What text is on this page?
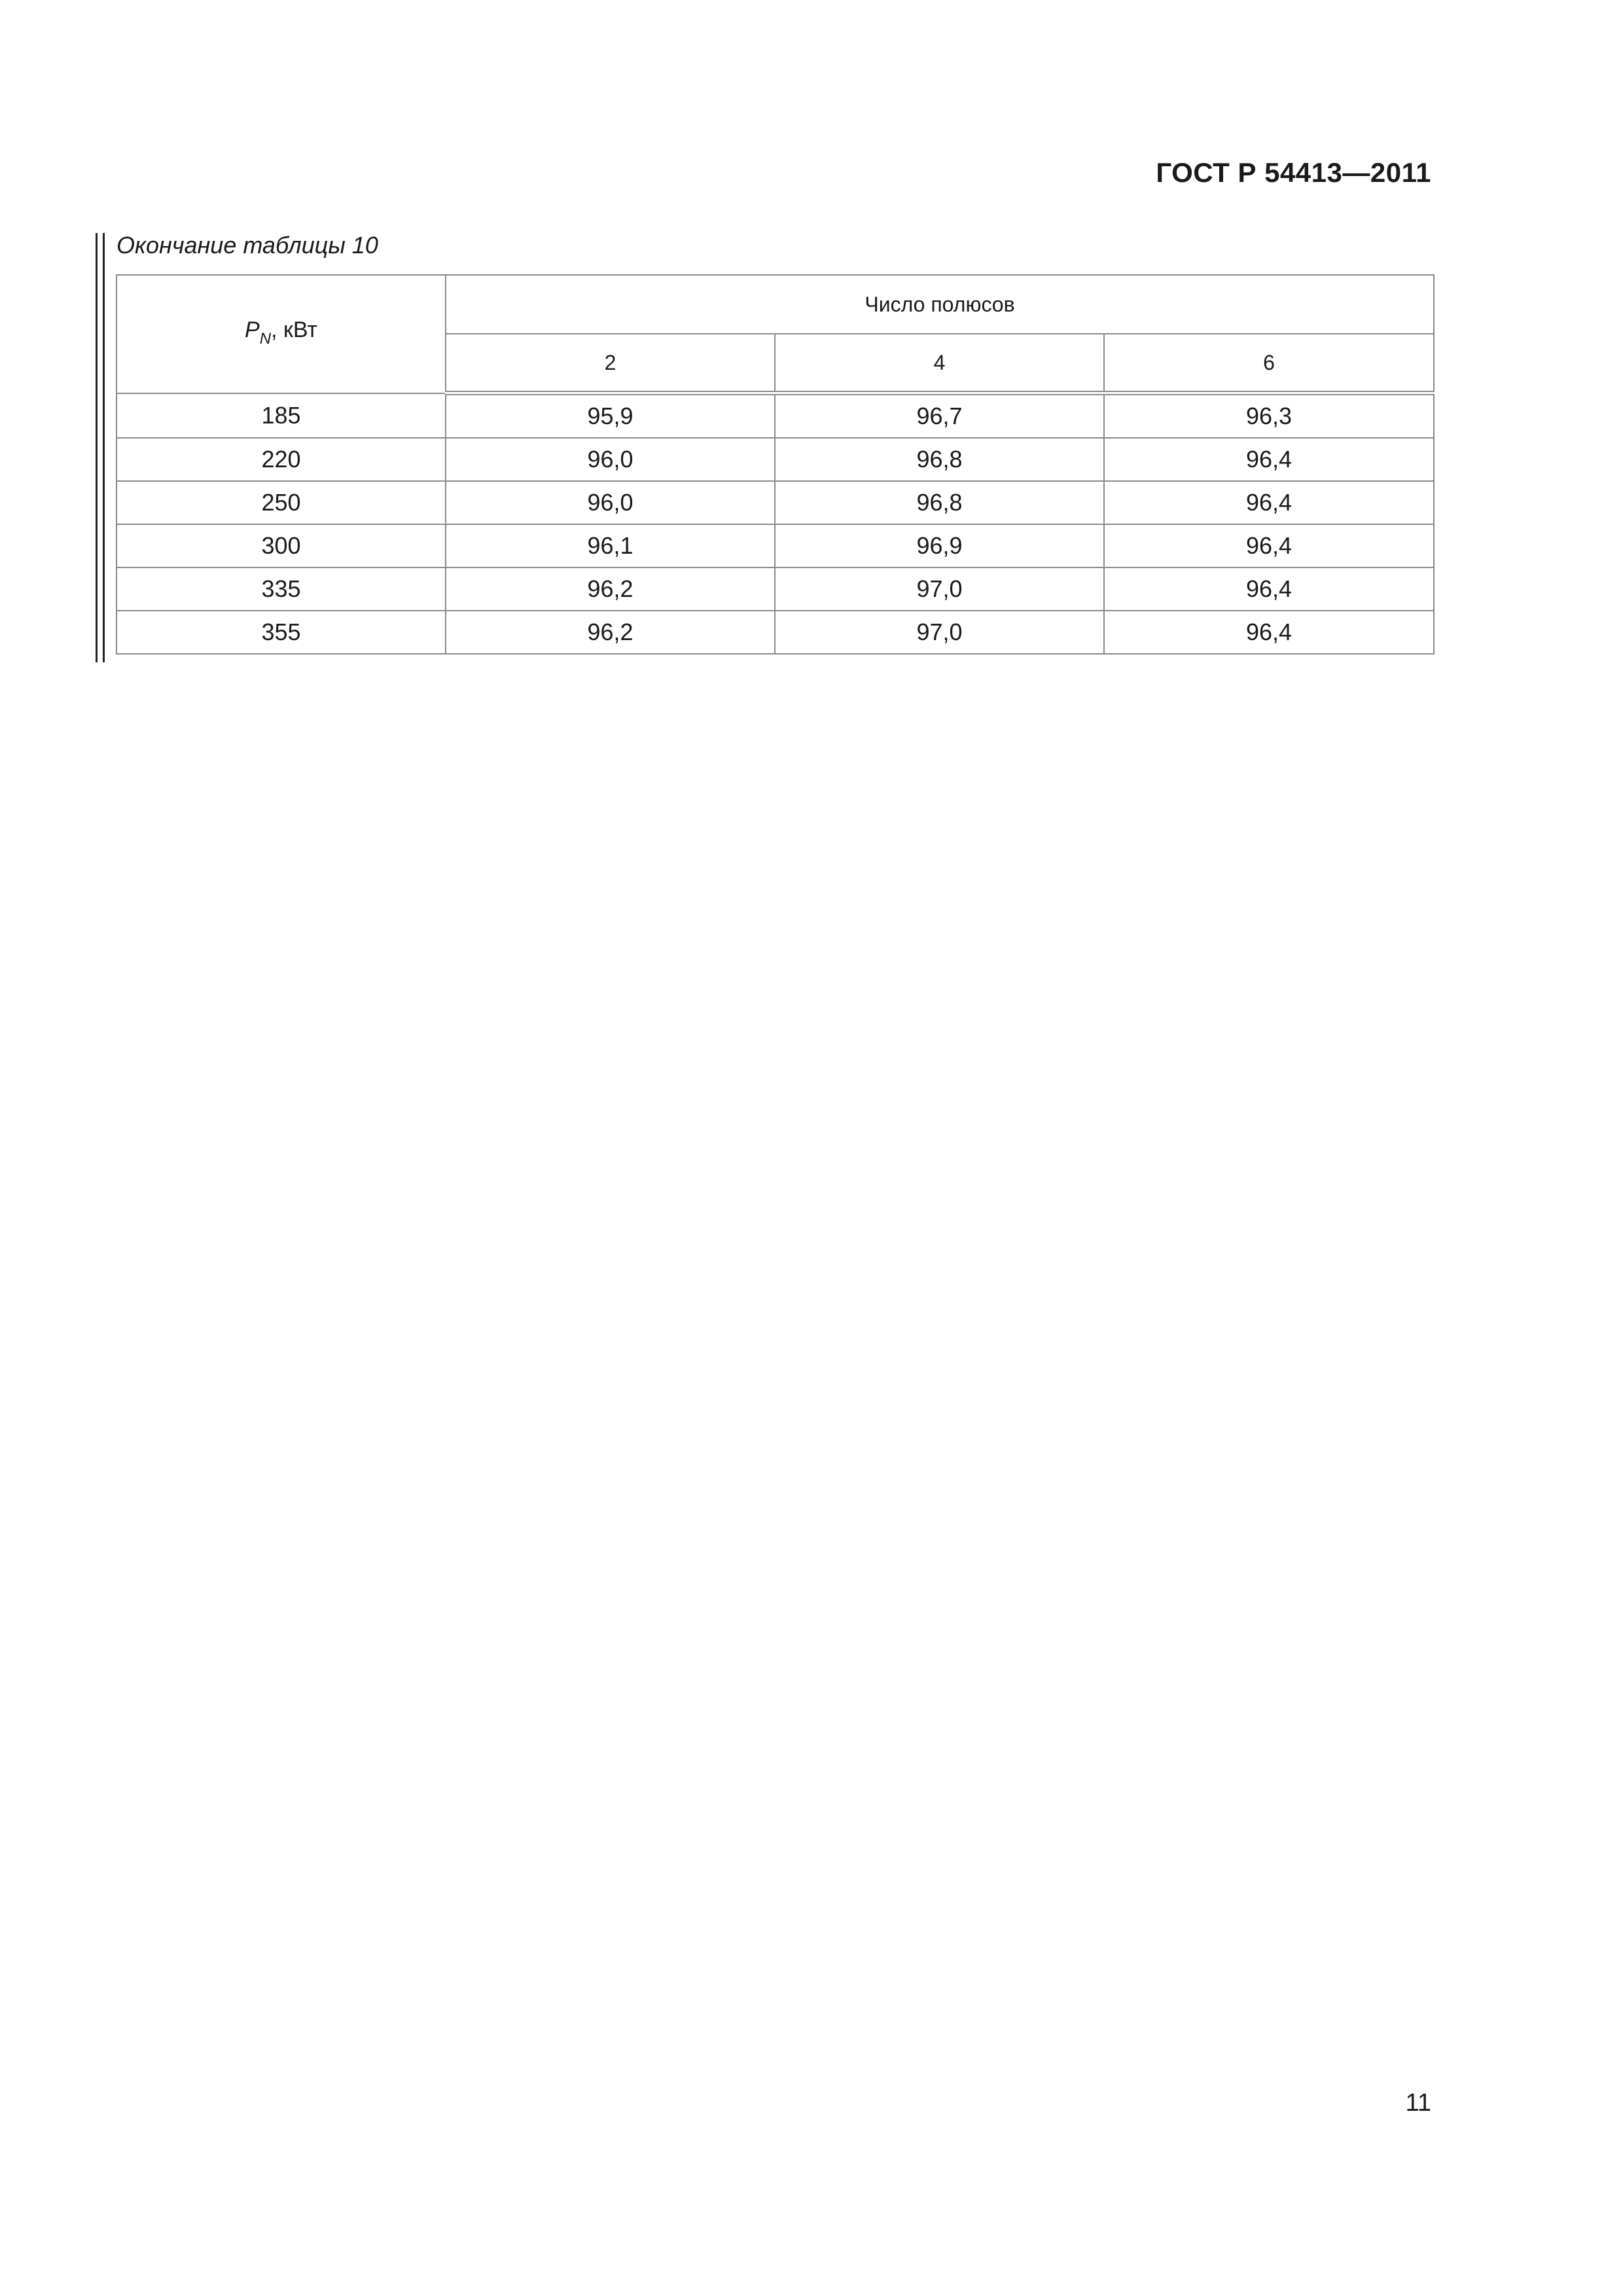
ГОСТ Р 54413—2011
Окончание таблицы 10
$P_N$, кВт	Число полюсов		
	2	4	6
185	95,9	96,7	96,3
220	96,0	96,8	96,4
250	96,0	96,8	96,4
300	96,1	96,9	96,4
335	96,2	97,0	96,4
355	96,2	97,0	96,4
11
